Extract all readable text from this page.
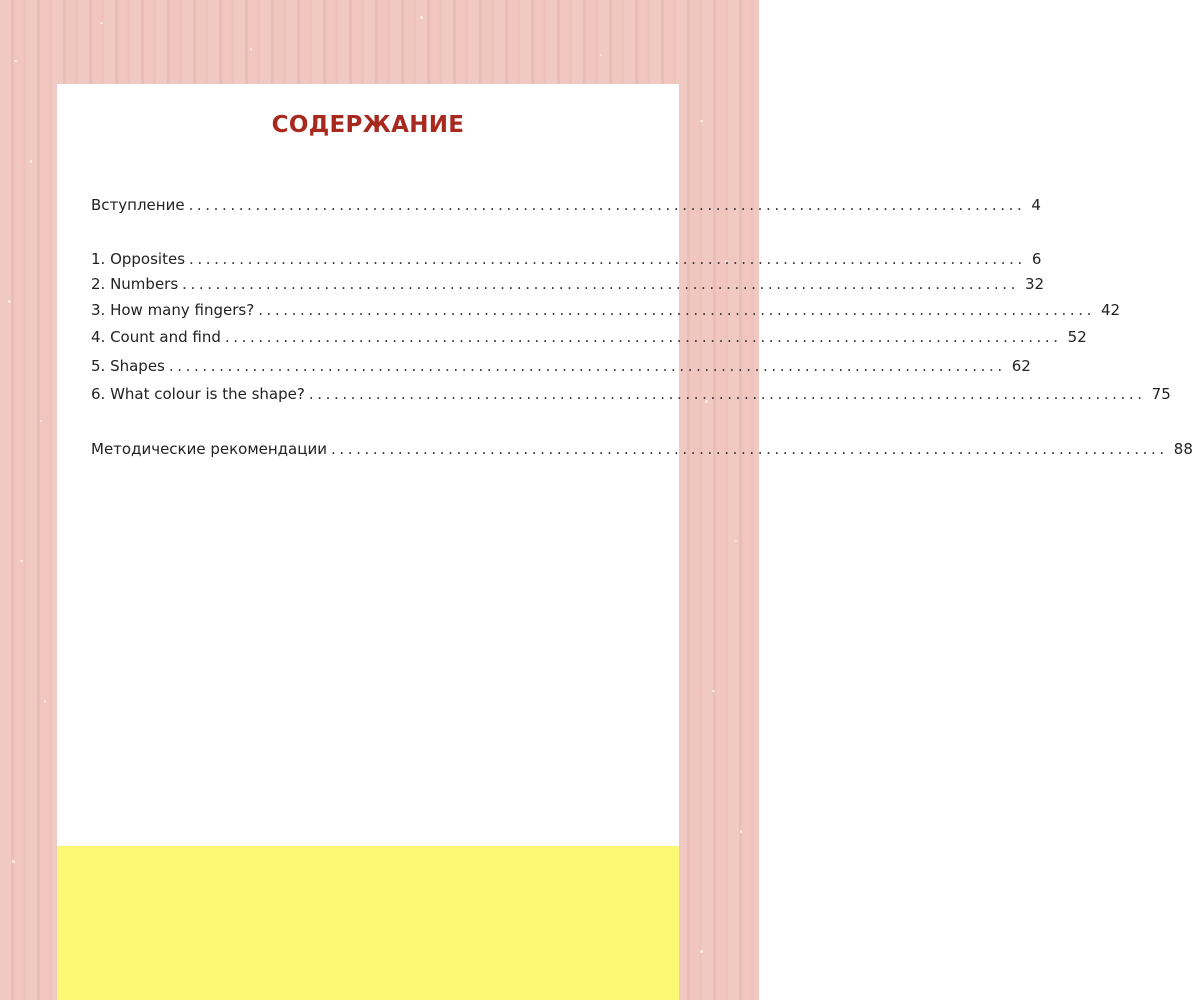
СОДЕРЖАНИЕ
Вступление .................................................................................................... 4
1. Opposites .................................................................................................... 6
2. Numbers .................................................................................................... 32
3. How many fingers? .................................................................................................... 42
4. Count and find .................................................................................................... 52
5. Shapes .................................................................................................... 62
6. What colour is the shape? .................................................................................................... 75
Методические рекомендации .................................................................................................... 88
